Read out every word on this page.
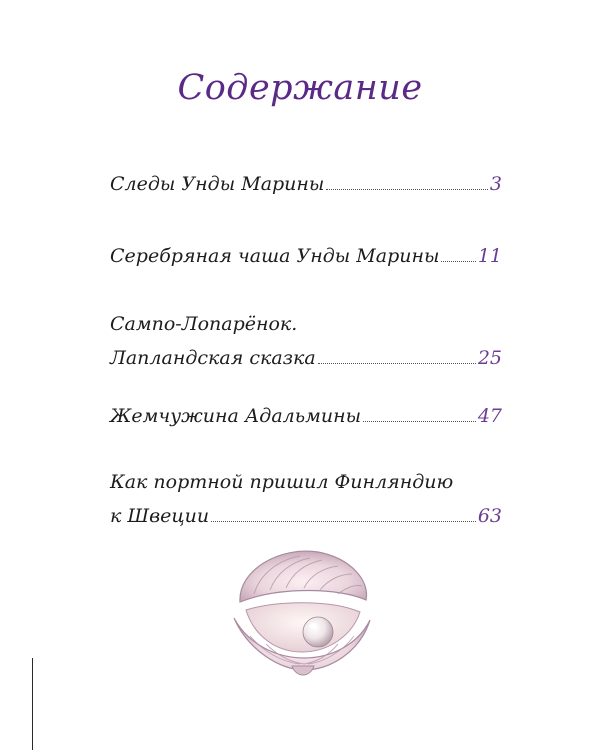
Содержание
Следы Унды Марины	3
Серебряная чаша Унды Марины 11
Сампо-Лопарёнок.
Лапландская сказка	25
Жемчужина Адальмины	47
Как портной пришил Финляндию
к Швеции	63
